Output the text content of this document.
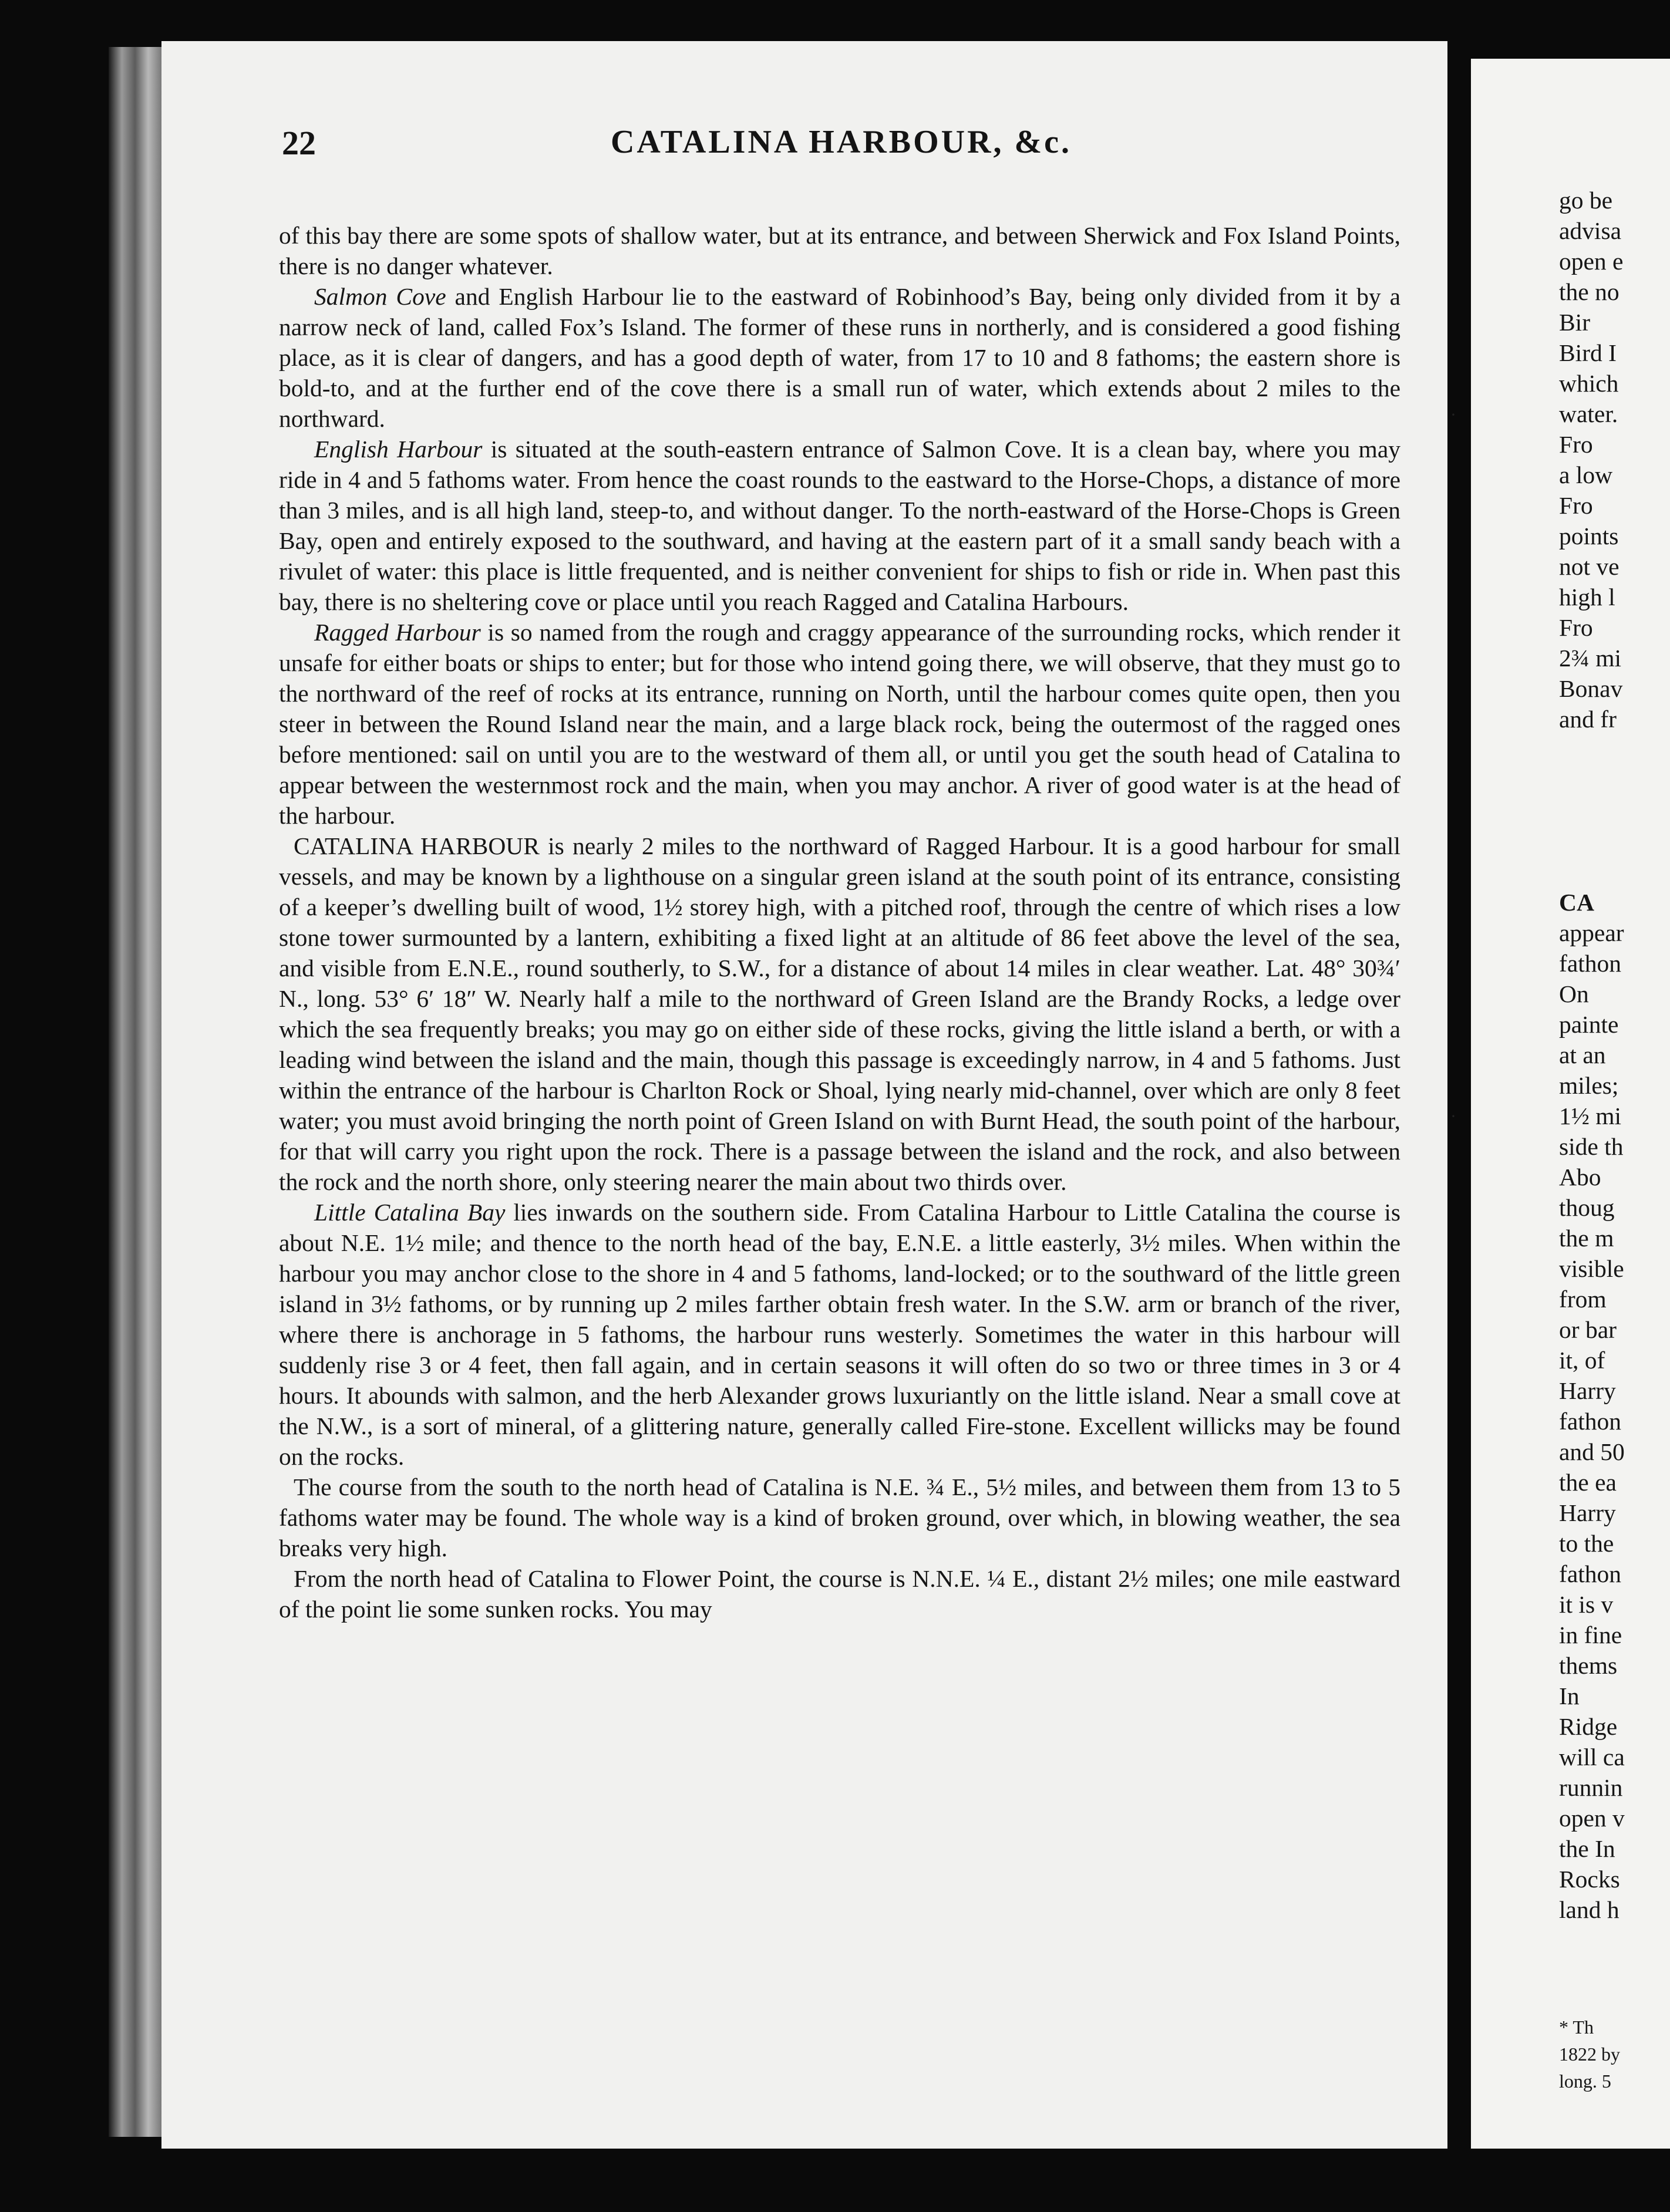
22	CATALINA HARBOUR, &c.

of this bay there are some spots of shallow water, but at its entrance, and between Sherwick and Fox Island Points, there is no danger whatever.

Salmon Cove and English Harbour lie to the eastward of Robinhood’s Bay, being only divided from it by a narrow neck of land, called Fox’s Island. The former of these runs in northerly, and is considered a good fishing place, as it is clear of dangers, and has a good depth of water, from 17 to 10 and 8 fathoms; the eastern shore is bold-to, and at the further end of the cove there is a small run of water, which extends about 2 miles to the northward.

English Harbour is situated at the south-eastern entrance of Salmon Cove. It is a clean bay, where you may ride in 4 and 5 fathoms water. From hence the coast rounds to the eastward to the Horse-Chops, a distance of more than 3 miles, and is all high land, steep-to, and without danger. To the north-eastward of the Horse-Chops is Green Bay, open and entirely exposed to the southward, and having at the eastern part of it a small sandy beach with a rivulet of water: this place is little frequented, and is neither convenient for ships to fish or ride in. When past this bay, there is no sheltering cove or place until you reach Ragged and Catalina Harbours.

Ragged Harbour is so named from the rough and craggy appearance of the surrounding rocks, which render it unsafe for either boats or ships to enter; but for those who intend going there, we will observe, that they must go to the northward of the reef of rocks at its entrance, running on North, until the harbour comes quite open, then you steer in between the Round Island near the main, and a large black rock, being the outermost of the ragged ones before mentioned: sail on until you are to the westward of them all, or until you get the south head of Catalina to appear between the westernmost rock and the main, when you may anchor. A river of good water is at the head of the harbour.

CATALINA HARBOUR is nearly 2 miles to the northward of Ragged Harbour. It is a good harbour for small vessels, and may be known by a lighthouse on a singular green island at the south point of its entrance, consisting of a keeper’s dwelling built of wood, 1½ storey high, with a pitched roof, through the centre of which rises a low stone tower surmounted by a lantern, exhibiting a fixed light at an altitude of 86 feet above the level of the sea, and visible from E.N.E., round southerly, to S.W., for a distance of about 14 miles in clear weather. Lat. 48° 30¾′ N., long. 53° 6′ 18″ W. Nearly half a mile to the northward of Green Island are the Brandy Rocks, a ledge over which the sea frequently breaks; you may go on either side of these rocks, giving the little island a berth, or with a leading wind between the island and the main, though this passage is exceedingly narrow, in 4 and 5 fathoms. Just within the entrance of the harbour is Charlton Rock or Shoal, lying nearly mid-channel, over which are only 8 feet water; you must avoid bringing the north point of Green Island on with Burnt Head, the south point of the harbour, for that will carry you right upon the rock. There is a passage between the island and the rock, and also between the rock and the north shore, only steering nearer the main about two thirds over.

Little Catalina Bay lies inwards on the southern side. From Catalina Harbour to Little Catalina the course is about N.E. 1½ mile; and thence to the north head of the bay, E.N.E. a little easterly, 3½ miles. When within the harbour you may anchor close to the shore in 4 and 5 fathoms, land-locked; or to the southward of the little green island in 3½ fathoms, or by running up 2 miles farther obtain fresh water. In the S.W. arm or branch of the river, where there is anchorage in 5 fathoms, the harbour runs westerly. Sometimes the water in this harbour will suddenly rise 3 or 4 feet, then fall again, and in certain seasons it will often do so two or three times in 3 or 4 hours. It abounds with salmon, and the herb Alexander grows luxuriantly on the little island. Near a small cove at the N.W., is a sort of mineral, of a glittering nature, generally called Fire-stone. Excellent willicks may be found on the rocks.

The course from the south to the north head of Catalina is N.E. ¾ E., 5½ miles, and between them from 13 to 5 fathoms water may be found. The whole way is a kind of broken ground, over which, in blowing weather, the sea breaks very high.

From the north head of Catalina to Flower Point, the course is N.N.E. ¼ E., distant 2½ miles; one mile eastward of the point lie some sunken rocks. You may

·
·
go be
advisa
open e
the no
Bir
Bird I
which
water.
Fro
a low
Fro
points
not ve
high l
Fro
2¾ mi
Bonav
and fr
CA
appear
fathon
On
painte
at an
miles;
1½ mi
side th
Abo
thoug
the m
visible
from
or bar
it, of
Harry
fathon
and 50
the ea
Harry
to the
fathon
it is v
in fine
thems
In
Ridge
will ca
runnin
open v
the In
Rocks
land h
* Th
1822 by
long. 5
